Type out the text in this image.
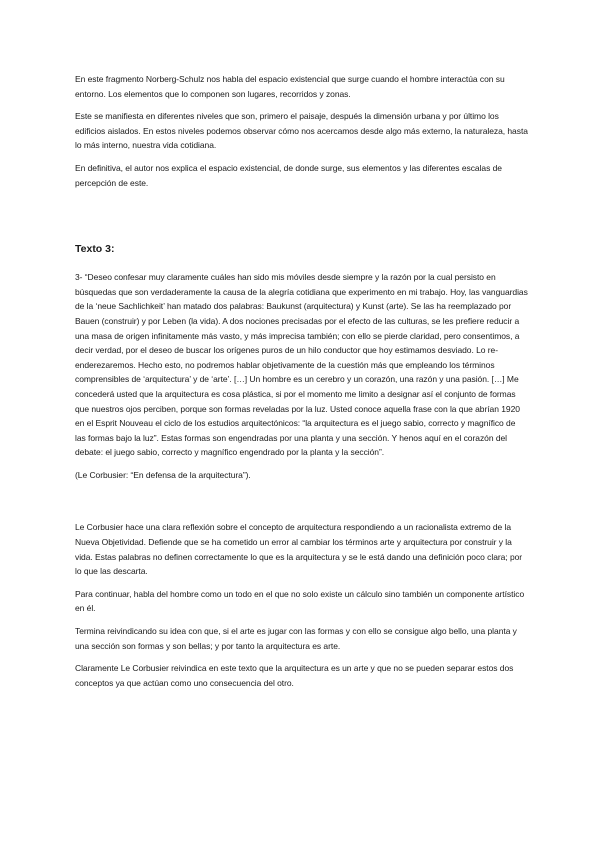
En este fragmento Norberg-Schulz nos habla del espacio existencial que surge cuando el hombre interactúa con su entorno. Los elementos que lo componen son lugares, recorridos y zonas.

Este se manifiesta en diferentes niveles que son, primero el paisaje, después la dimensión urbana y por último los edificios aislados. En estos niveles podemos observar cómo nos acercamos desde algo más externo, la naturaleza, hasta lo más interno, nuestra vida cotidiana.

En definitiva, el autor nos explica el espacio existencial, de donde surge, sus elementos y las diferentes escalas de percepción de este.

Texto 3:

3- “Deseo confesar muy claramente cuáles han sido mis móviles desde siempre y la razón por la cual persisto en búsquedas que son verdaderamente la causa de la alegría cotidiana que experimento en mi trabajo. Hoy, las vanguardias de la ‘neue Sachlichkeit’ han matado dos palabras: Baukunst (arquitectura) y Kunst (arte). Se las ha reemplazado por Bauen (construir) y por Leben (la vida). A dos nociones precisadas por el efecto de las culturas, se les prefiere reducir a una masa de origen infinitamente más vasto, y más imprecisa también; con ello se pierde claridad, pero consentimos, a decir verdad, por el deseo de buscar los orígenes puros de un hilo conductor que hoy estimamos desviado. Lo re-enderezaremos. Hecho esto, no podremos hablar objetivamente de la cuestión más que empleando los términos comprensibles de ‘arquitectura’ y de ‘arte’. […] Un hombre es un cerebro y un corazón, una razón y una pasión. […] Me concederá usted que la arquitectura es cosa plástica, si por el momento me limito a designar así el conjunto de formas que nuestros ojos perciben, porque son formas reveladas por la luz. Usted conoce aquella frase con la que abrían 1920 en el Esprit Nouveau el ciclo de los estudios arquitectónicos: “la arquitectura es el juego sabio, correcto y magnífico de las formas bajo la luz”. Estas formas son engendradas por una planta y una sección. Y henos aquí en el corazón del debate: el juego sabio, correcto y magnífico engendrado por la planta y la sección”.

(Le Corbusier: “En defensa de la arquitectura”).

Le Corbusier hace una clara reflexión sobre el concepto de arquitectura respondiendo a un racionalista extremo de la Nueva Objetividad. Defiende que se ha cometido un error al cambiar los términos arte y arquitectura por construir y la vida. Estas palabras no definen correctamente lo que es la arquitectura y se le está dando una definición poco clara; por lo que las descarta.

Para continuar, habla del hombre como un todo en el que no solo existe un cálculo sino también un componente artístico en él.

Termina reivindicando su idea con que, si el arte es jugar con las formas y con ello se consigue algo bello, una planta y una sección son formas y son bellas; y por tanto la arquitectura es arte.

Claramente Le Corbusier reivindica en este texto que la arquitectura es un arte y que no se pueden separar estos dos conceptos ya que actúan como uno consecuencia del otro.
